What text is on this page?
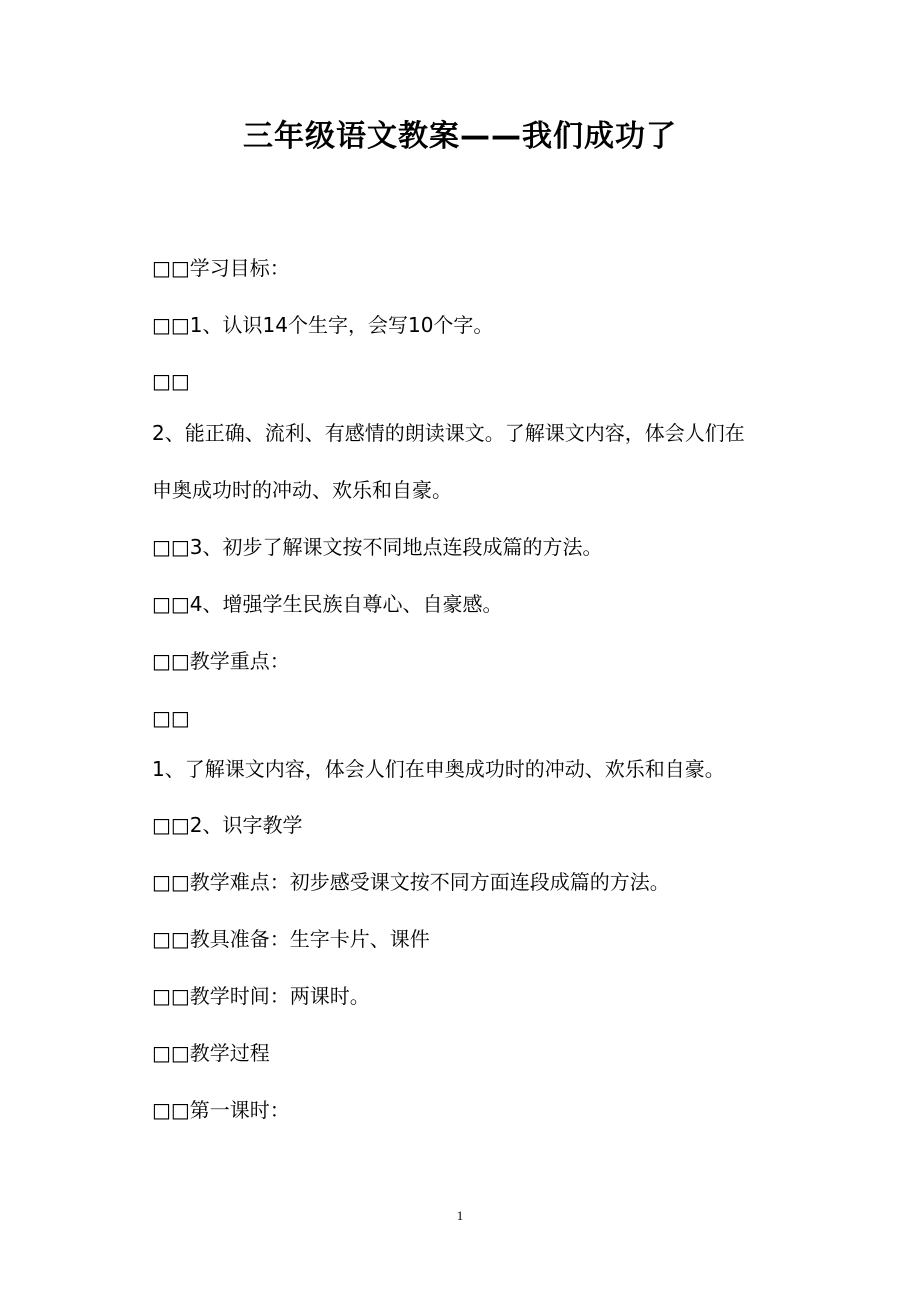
三年级语文教案——我们成功了
□□学习目标：
□□1、认识14个生字，会写10个字。
□□
2、能正确、流利、有感情的朗读课文。了解课文内容，体会人们在
申奥成功时的冲动、欢乐和自豪。
□□3、初步了解课文按不同地点连段成篇的方法。
□□4、增强学生民族自尊心、自豪感。
□□教学重点：
□□
1、了解课文内容，体会人们在申奥成功时的冲动、欢乐和自豪。
□□2、识字教学
□□教学难点：初步感受课文按不同方面连段成篇的方法。
□□教具准备：生字卡片、课件
□□教学时间：两课时。
□□教学过程
□□第一课时：
1
